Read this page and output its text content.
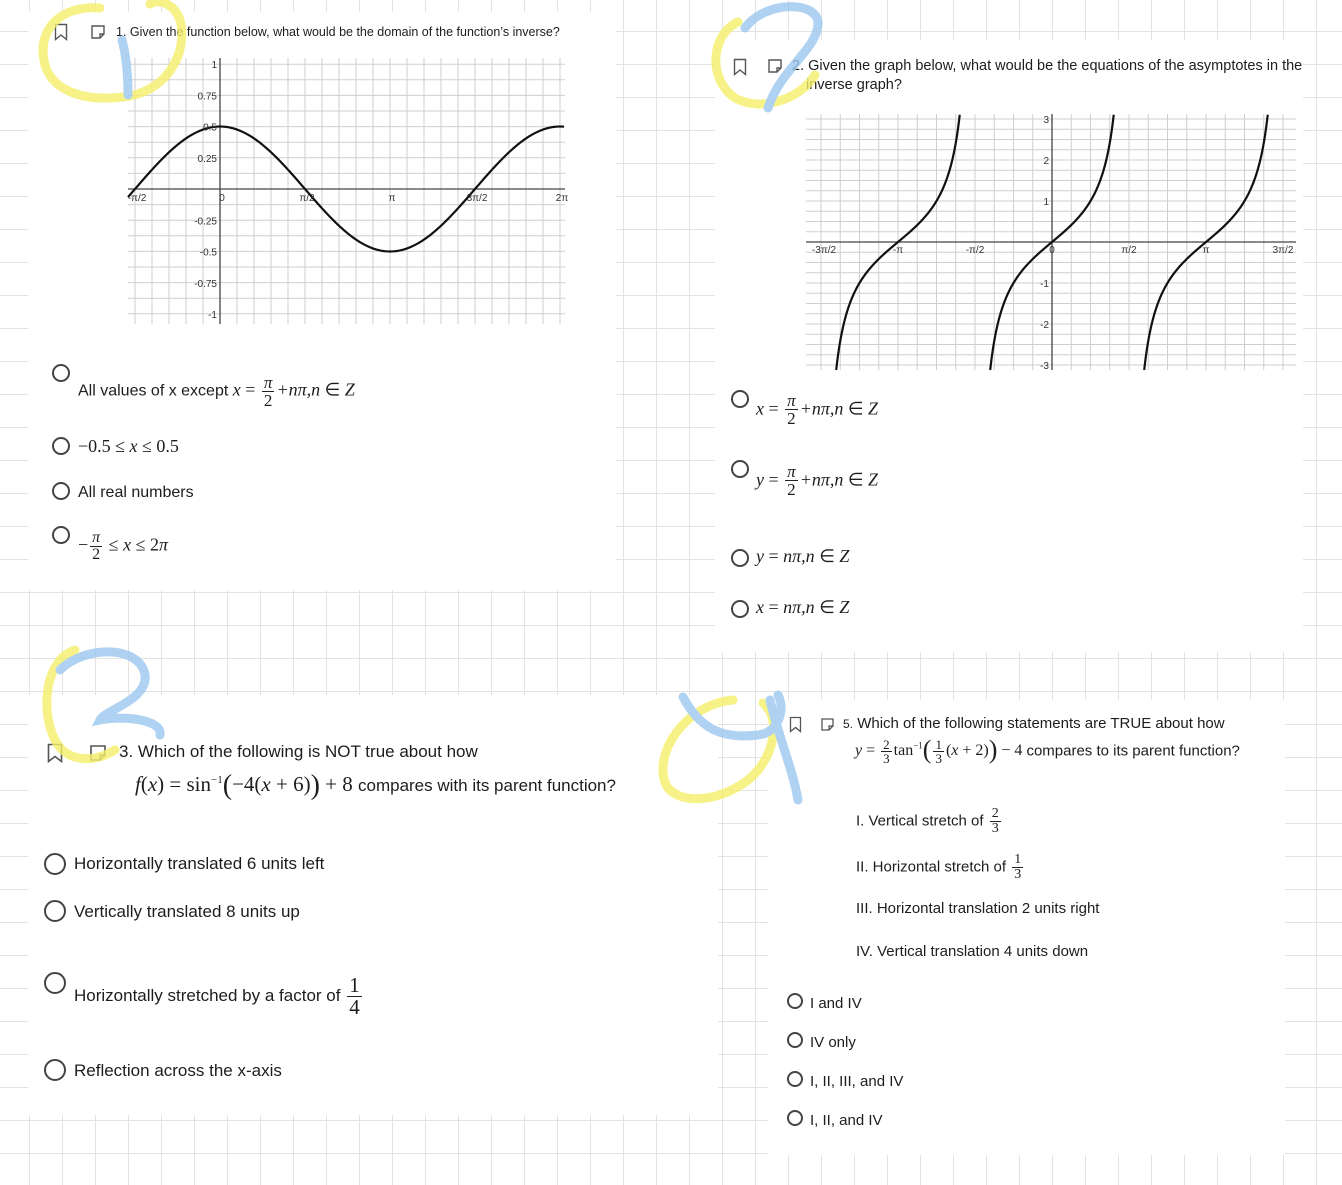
1. Given the function below, what would be the domain of the function’s inverse?
-π/2	0	π/2	π	3π/2	2π
1
0.75
0.5
0.25
-0.25
-0.5
-0.75
-1
All values of x except $x = \frac{\pi}{2} +n\pi,n$ ∈ Z
−0.5 ≤ x ≤ 0.5
All real numbers
− $\frac{\pi}{2} \le x \le 2\pi$
2. Given the graph below, what would be the equations of the asymptotes in the
inverse graph?
-3π/2	-π	-π/2	0	π/2	π	3π/2
3
2
1
-1
-2
-3
$x = \frac{\pi}{2} +n\pi,n$ ∈ Z
$y = \frac{\pi}{2} +n\pi,n$ ∈ Z
y = nπ,n ∈ Z
x = nπ,n ∈ Z
3. Which of the following is NOT true about how
$f(x) = \sin^{-1}(-4(x + 6)) + 8$ compares with its parent function?
Horizontally translated 6 units left
Vertically translated 8 units up
Horizontally stretched by a factor of $\frac{1}{4}$
Reflection across the x-axis
5. Which of the following statements are TRUE about how
$y = \frac{2}{3} \tan^{-1}( \frac{1}{3} (x + 2)) - 4$ compares to its parent function?
I. Vertical stretch of $\frac{2}{3}$
II. Horizontal stretch of $\frac{1}{3}$
III. Horizontal translation 2 units right
IV. Vertical translation 4 units down
I and IV
IV only
I, II, III, and IV
I, II, and IV
